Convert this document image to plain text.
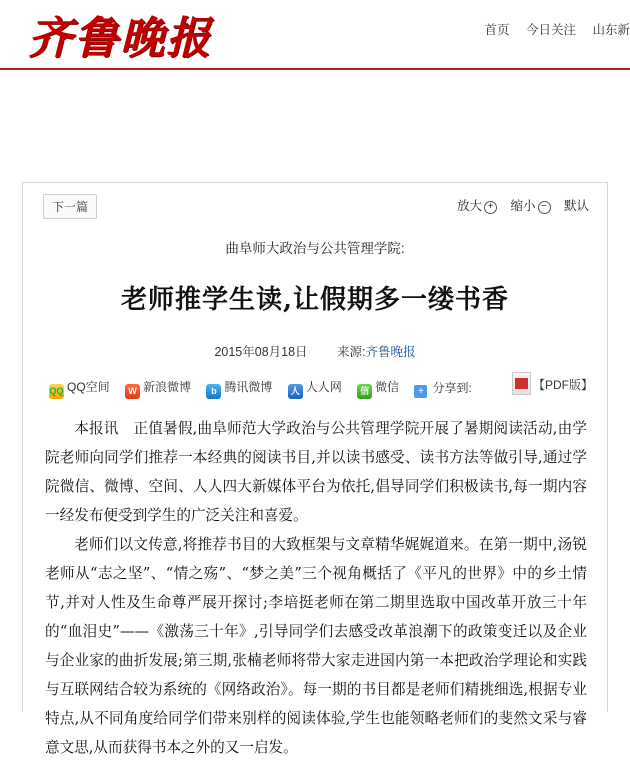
齐鲁晚报	首页 今日关注 山东新
下一篇	放大 + 缩小 − 默认
曲阜师大政治与公共管理学院:
老师推学生读,让假期多一缕书香
2015年08月18日 来源:齐鲁晚报
QQ QQ空间 W 新浪微博 b 腾讯微博 人 人人网 信 微信 + 分享到:	【PDF版】

本报讯　正值暑假,曲阜师范大学政治与公共管理学院开展了暑期阅读活动,由学院老师向同学们推荐一本经典的阅读书目,并以读书感受、读书方法等做引导,通过学院微信、微博、空间、人人四大新媒体平台为依托,倡导同学们积极读书,每一期内容一经发布便受到学生的广泛关注和喜爱。

老师们以文传意,将推荐书目的大致框架与文章精华娓娓道来。在第一期中,汤锐老师从“志之坚”、“情之殇”、“梦之美”三个视角概括了《平凡的世界》中的乡土情节,并对人性及生命尊严展开探讨;李培挺老师在第二期里选取中国改革开放三十年的“血泪史”——《激荡三十年》,引导同学们去感受改革浪潮下的政策变迁以及企业与企业家的曲折发展;第三期,张楠老师将带大家走进国内第一本把政治学理论和实践与互联网结合较为系统的《网络政治》。每一期的书目都是老师们精挑细选,根据专业特点,从不同角度给同学们带来别样的阅读体验,学生也能领略老师们的斐然文采与睿意文思,从而获得书本之外的又一启发。
